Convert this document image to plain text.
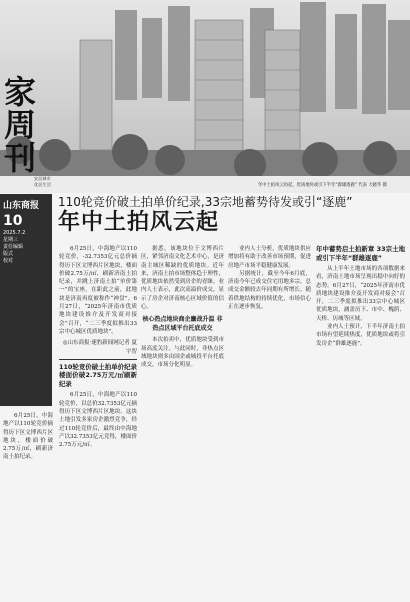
家周刊
安居城市优居生活	年中土拍风云再起，优质地块或引下半年“群雄逐鹿” 代表 大晓华 摄
山东商报
10
2025.7.2
星期三
责任编辑
版式
校对
110轮竞价破土拍单价纪录,33宗地蓄势待发或引“逐鹿”
年中土拍风云起

6月25日，中海地产以110轮竞价摘得历下区文博西片区地块，楼面价破2.75万/㎡，刷新济南土拍纪录。

6月25日，中海地产以110轮竞价，-32.7353亿元总价摘得历下区文博西片区地块，楼面价破2.75万/㎡，刷新济南土拍纪录，并跳上济南土拍“单价第一”的宝座。在距此之前，此地块是济南再度被称作“神盘”。6月27日，“2025年济南市优质地块建设推介及开发商对接会”召开，“二三季度拟推出33宗中心城区优质地块”。

◎山东商报·速豹新闻网记者 夏宇智
110轮竞价破土拍单价纪录 楼面价破2.75万元/㎡刷新纪录

6月25日，中海地产以110轮竞价，以总价32.7353亿元摘得历下区文博西片区地块。这块土地引发多家房企激烈竞争，经过110轮竞价后，最终由中海地产以32.7353亿元竞得，楼面价2.75万元/㎡。

据悉，该地块位于文博西片区，紧邻济南文化艺术中心，是济南主城区稀缺的优质地块。近年来，济南土拍市场整体趋于理性，优质地块依然受到房企的青睐。业内人士表示，此次高溢价成交，显示了房企对济南核心区域价值的信心。

核心热点地块商企鏖战升温 非热点区域平台托底成交

本次拍卖中，优质地块受到市场高度关注。与此同时，非热点区域地块则多由国企或城投平台托底成交，市场分化明显。

业内人士分析，优质地块供应增加将有助于改善市场预期，促进房地产市场平稳健康发展。

另据统计，截至今年6月底，济南今年已成交住宅用地多宗，总成交金额较去年同期有所增长。随着供地结构的持续优化，市场信心正在逐步恢复。

年中蓄势启土拍新章 33宗土地或引下半年“群雄逐鹿”

从上半年土地市场的各项数据来看，济南土地市场呈现出稳中向好的态势。6月27日，“2025年济南市优质地块建设推介及开发商对接会”召开，二三季度拟推出33宗中心城区优质地块，涵盖历下、市中、槐荫、天桥、历城等区域。

业内人士预计，下半年济南土拍市场有望延续热度，优质地块或将引发房企“群雄逐鹿”。
